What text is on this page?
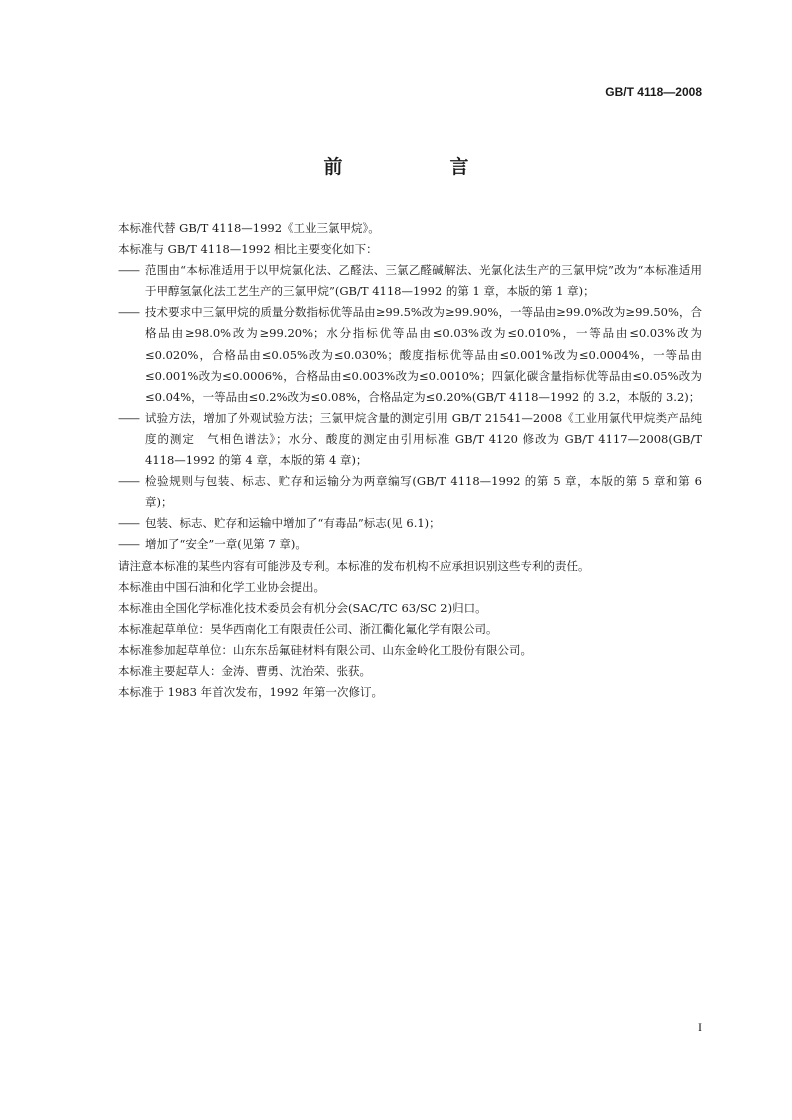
GB/T 4118—2008
前　言

本标准代替 GB/T 4118—1992《工业三氯甲烷》。

本标准与 GB/T 4118—1992 相比主要变化如下：

—— 范围由“本标准适用于以甲烷氯化法、乙醛法、三氯乙醛碱解法、光氯化法生产的三氯甲烷”改为“本标准适用于甲醇氢氯化法工艺生产的三氯甲烷”(GB/T 4118—1992 的第 1 章，本版的第 1 章)；
—— 技术要求中三氯甲烷的质量分数指标优等品由≥99.5%改为≥99.90%，一等品由≥99.0%改为≥99.50%，合格品由≥98.0%改为≥99.20%；水分指标优等品由≤0.03%改为≤0.010%，一等品由≤0.03%改为≤0.020%，合格品由≤0.05%改为≤0.030%；酸度指标优等品由≤0.001%改为≤0.0004%，一等品由≤0.001%改为≤0.0006%，合格品由≤0.003%改为≤0.0010%；四氯化碳含量指标优等品由≤0.05%改为≤0.04%，一等品由≤0.2%改为≤0.08%，合格品定为≤0.20%(GB/T 4118—1992 的 3.2，本版的 3.2)；
—— 试验方法，增加了外观试验方法；三氯甲烷含量的测定引用 GB/T 21541—2008《工业用氯代甲烷类产品纯度的测定　气相色谱法》；水分、酸度的测定由引用标准 GB/T 4120 修改为 GB/T 4117—2008(GB/T 4118—1992 的第 4 章，本版的第 4 章)；
—— 检验规则与包装、标志、贮存和运输分为两章编写(GB/T 4118—1992 的第 5 章，本版的第 5 章和第 6 章)；
—— 包装、标志、贮存和运输中增加了“有毒品”标志(见 6.1)；
—— 增加了“安全”一章(见第 7 章)。

请注意本标准的某些内容有可能涉及专利。本标准的发布机构不应承担识别这些专利的责任。

本标准由中国石油和化学工业协会提出。

本标准由全国化学标准化技术委员会有机分会(SAC/TC 63/SC 2)归口。

本标准起草单位：昊华西南化工有限责任公司、浙江衢化氟化学有限公司。

本标准参加起草单位：山东东岳氟硅材料有限公司、山东金岭化工股份有限公司。

本标准主要起草人：金涛、曹勇、沈治荣、张获。

本标准于 1983 年首次发布，1992 年第一次修订。

I
